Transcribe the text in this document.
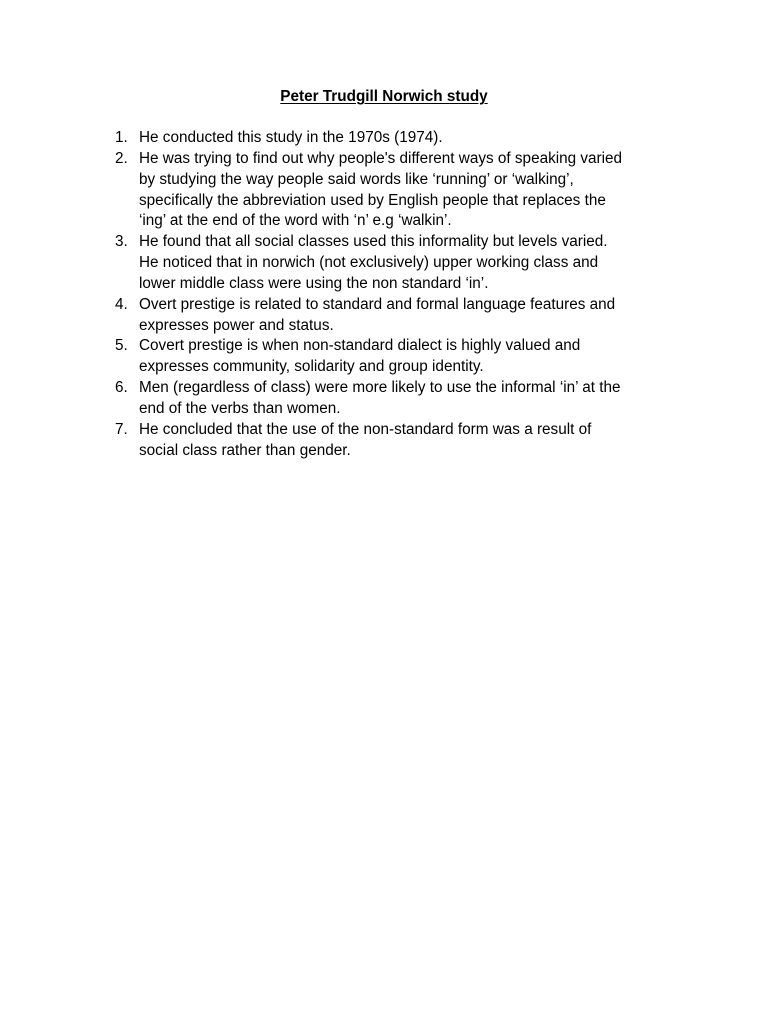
Peter Trudgill Norwich study
1. He conducted this study in the 1970s (1974).
2. He was trying to find out why people's different ways of speaking varied
by studying the way people said words like ‘running’ or ‘walking’,
specifically the abbreviation used by English people that replaces the
‘ing’ at the end of the word with ‘n’ e.g ‘walkin’.
3. He found that all social classes used this informality but levels varied.
He noticed that in norwich (not exclusively) upper working class and
lower middle class were using the non standard ‘in’.
4. Overt prestige is related to standard and formal language features and
expresses power and status.
5. Covert prestige is when non-standard dialect is highly valued and
expresses community, solidarity and group identity.
6. Men (regardless of class) were more likely to use the informal ‘in’ at the
end of the verbs than women.
7. He concluded that the use of the non-standard form was a result of
social class rather than gender.
